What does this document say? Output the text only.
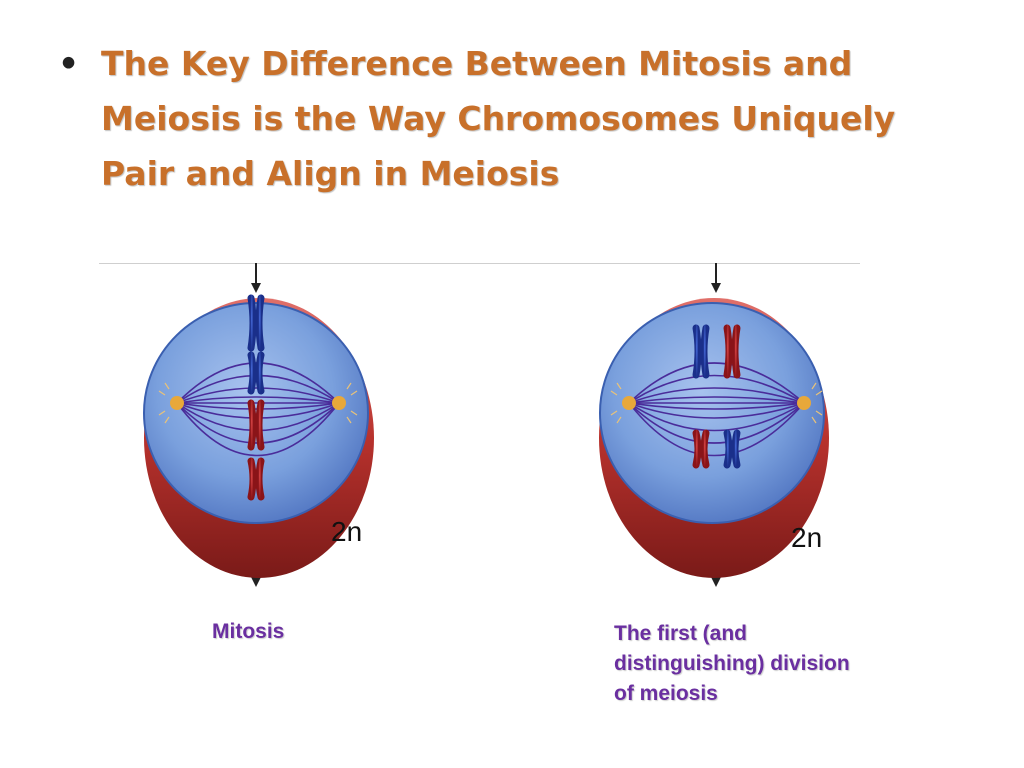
• The Key Difference Between Mitosis and Meiosis is the Way Chromosomes Uniquely Pair and Align in Meiosis
2n	2n
Mitosis	The first (and distinguishing) division of meiosis
